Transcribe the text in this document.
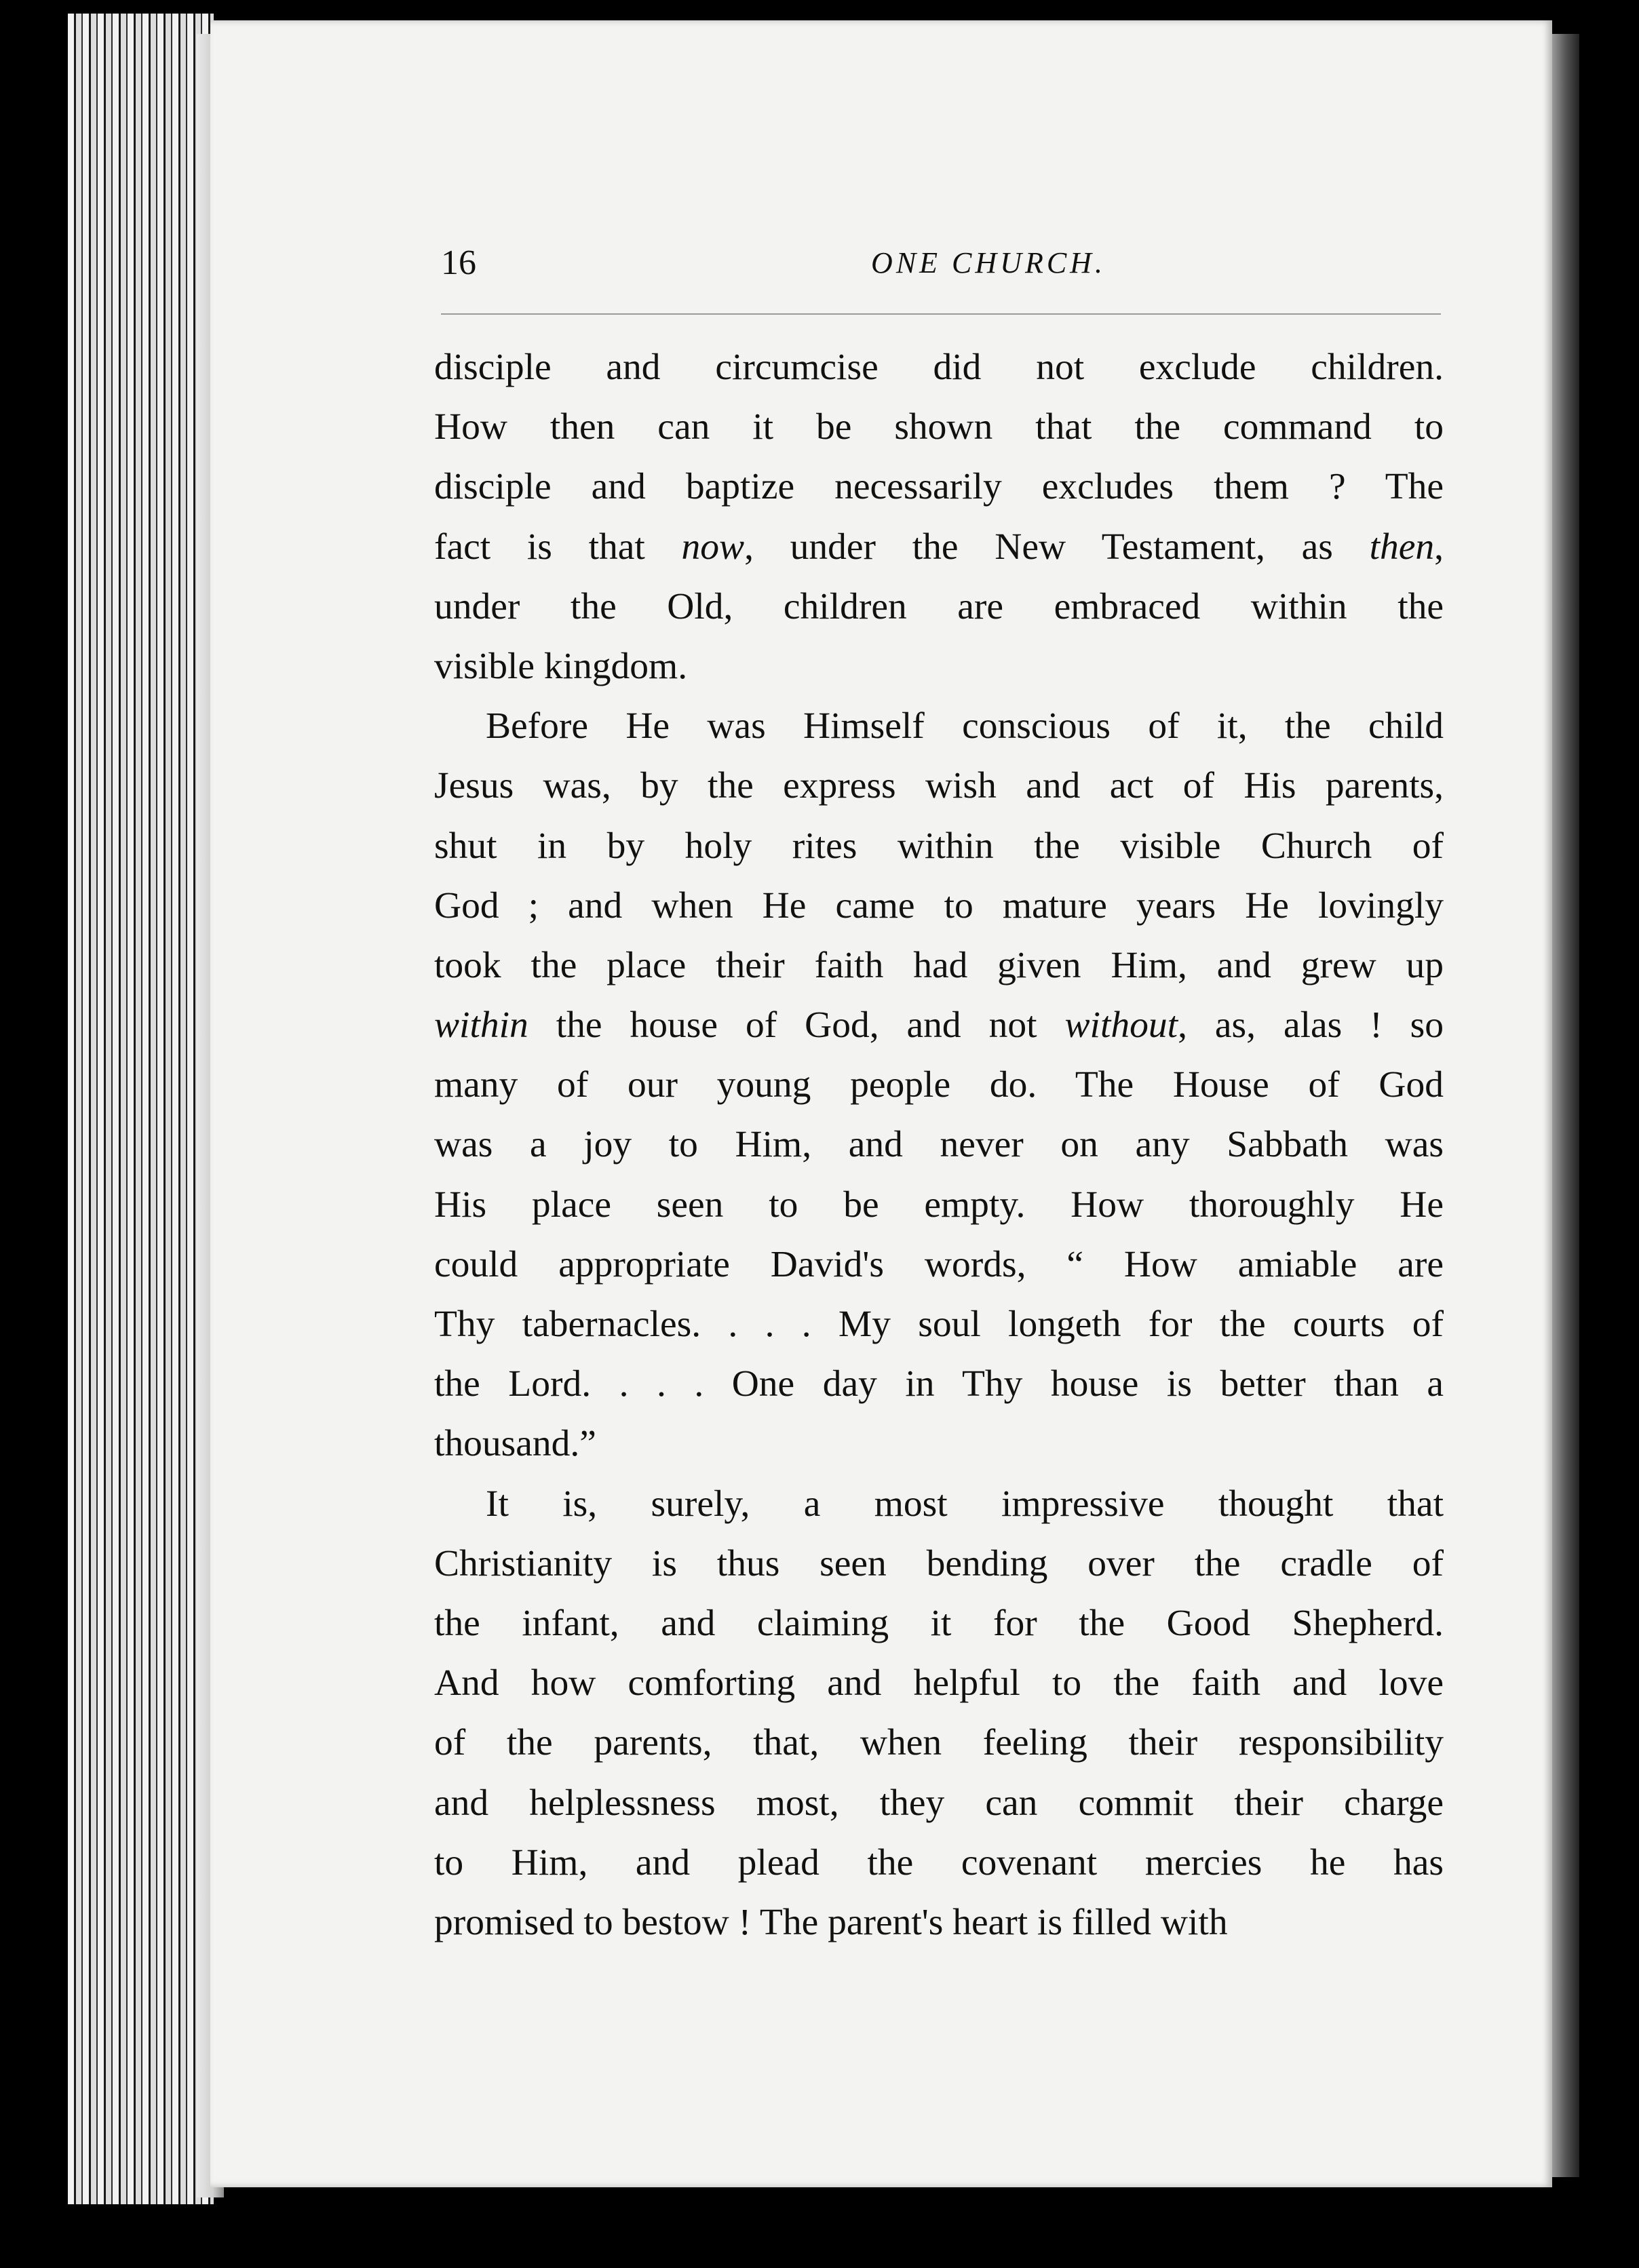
16	ONE CHURCH.
disciple and circumcise did not exclude children.
How then can it be shown that the command to
disciple and baptize necessarily excludes them ? The
fact is that now, under the New Testament, as then,
under the Old, children are embraced within the
visible kingdom.
Before He was Himself conscious of it, the child
Jesus was, by the express wish and act of His parents,
shut in by holy rites within the visible Church of
God ; and when He came to mature years He lovingly
took the place their faith had given Him, and grew up
within the house of God, and not without, as, alas ! so
many of our young people do. The House of God
was a joy to Him, and never on any Sabbath was
His place seen to be empty. How thoroughly He
could appropriate David's words, “ How amiable are
Thy tabernacles. . . . My soul longeth for the courts of
the Lord. . . . One day in Thy house is better than a
thousand.”
It is, surely, a most impressive thought that
Christianity is thus seen bending over the cradle of
the infant, and claiming it for the Good Shepherd.
And how comforting and helpful to the faith and love
of the parents, that, when feeling their responsibility
and helplessness most, they can commit their charge
to Him, and plead the covenant mercies he has
promised to bestow ! The parent's heart is filled with
